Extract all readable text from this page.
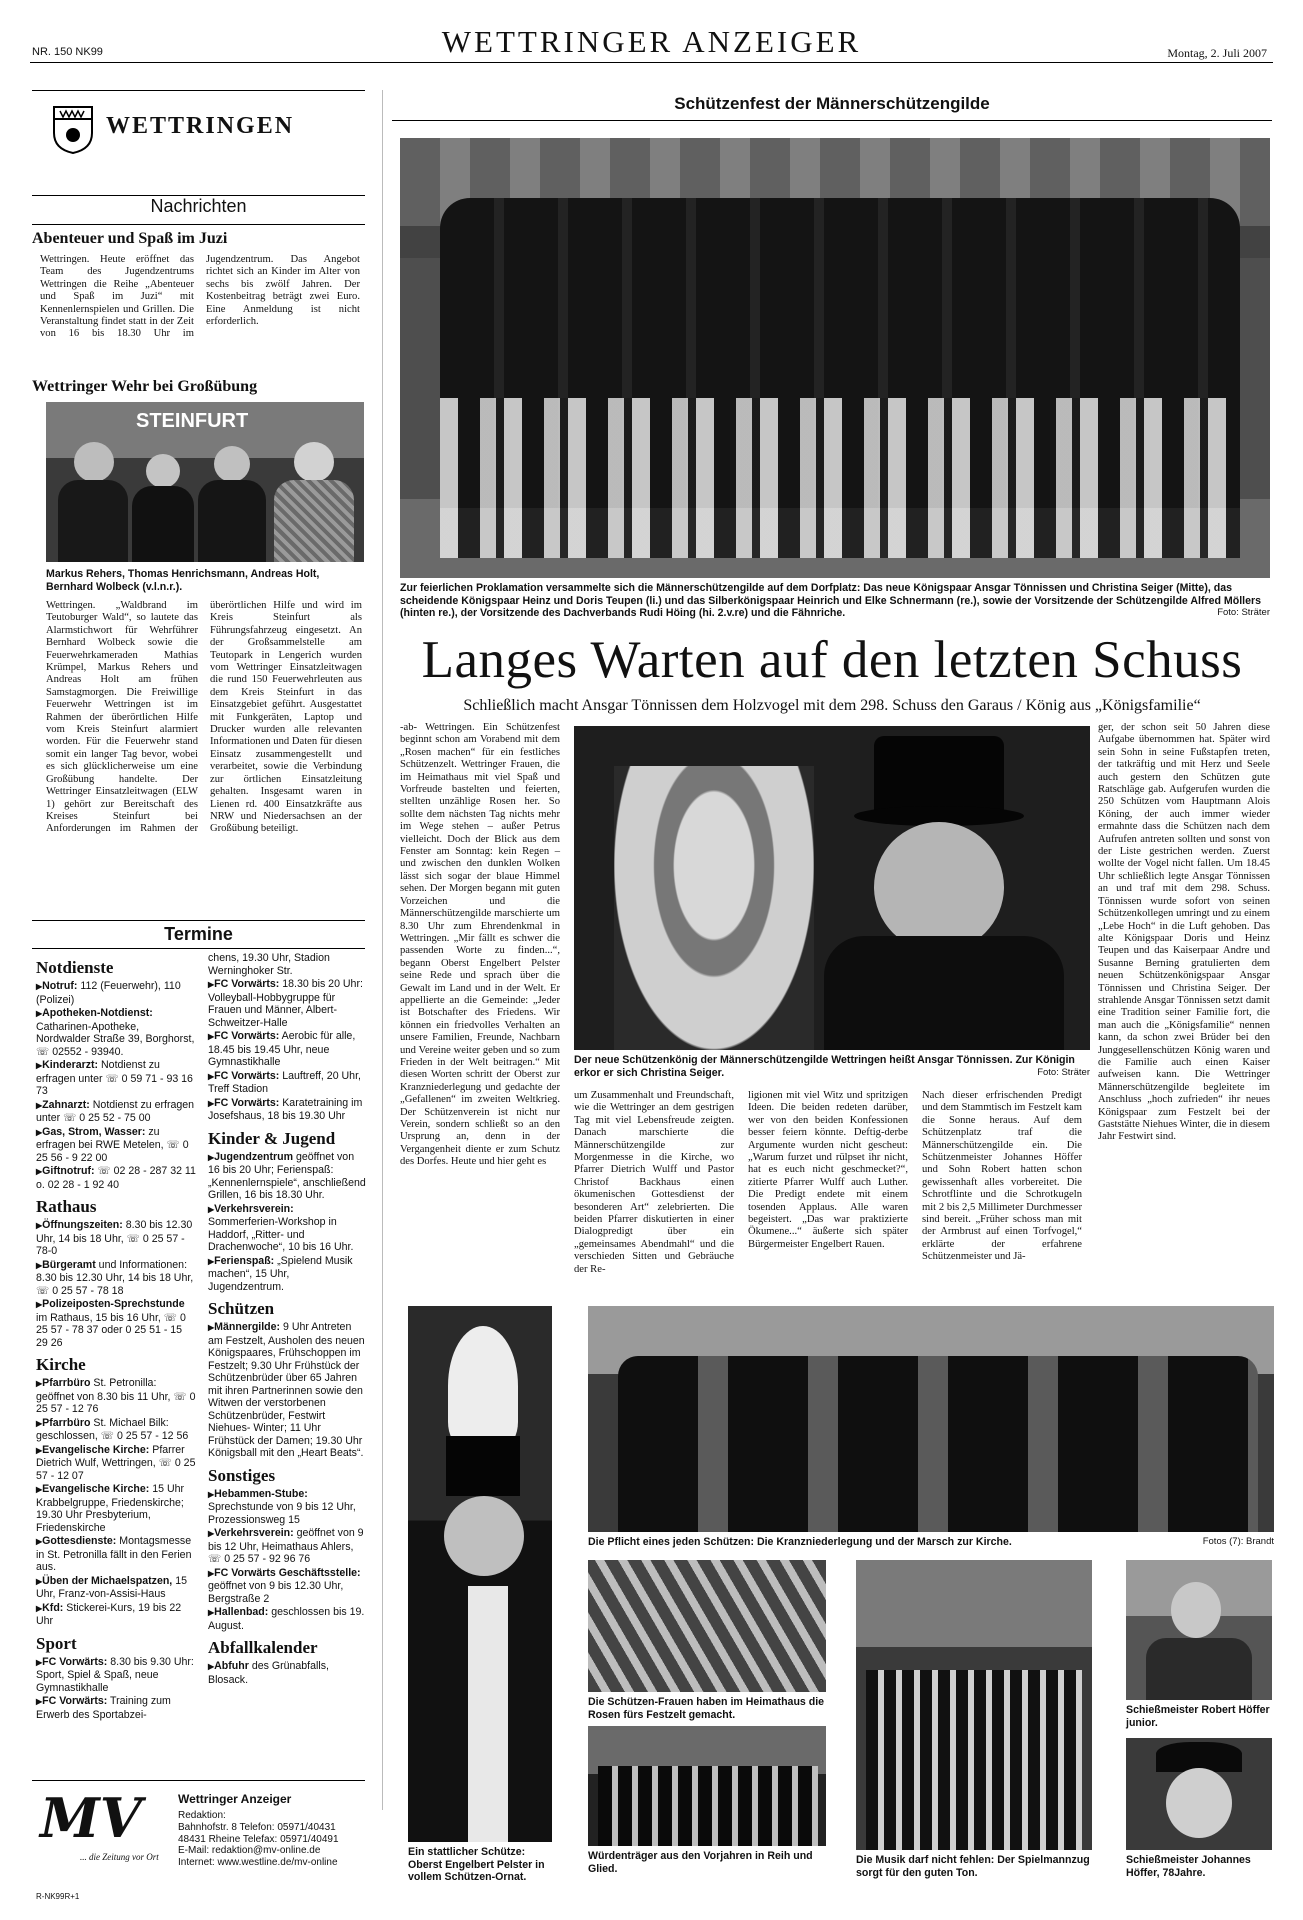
NR. 150 NK99	WETTRINGER ANZEIGER	Montag, 2. Juli 2007
WETTRINGEN
Nachrichten
Abenteuer und Spaß im Juzi
Wettringen. Heute eröffnet das Team des Jugendzentrums Wettringen die Reihe „Abenteuer und Spaß im Juzi“ mit Kennenlernspielen und Grillen. Die Veranstaltung findet statt in der Zeit von 16 bis 18.30 Uhr im Jugendzentrum. Das Angebot richtet sich an Kinder im Alter von sechs bis zwölf Jahren. Der Kostenbeitrag beträgt zwei Euro. Eine Anmeldung ist nicht erforderlich.
Wettringer Wehr bei Großübung
STEINFURT
Markus Rehers, Thomas Henrichsmann, Andreas Holt, Bernhard Wolbeck (v.l.n.r.).
Wettringen. „Waldbrand im Teutoburger Wald“, so lautete das Alarmstichwort für Wehrführer Bernhard Wolbeck sowie die Feuerwehrkameraden Mathias Krümpel, Markus Rehers und Andreas Holt am frühen Samstagmorgen. Die Freiwillige Feuerwehr Wettringen ist im Rahmen der überörtlichen Hilfe vom Kreis Steinfurt alarmiert worden. Für die Feuerwehr stand somit ein langer Tag bevor, wobei es sich glücklicherweise um eine Großübung handelte. Der Wettringer Einsatzleitwagen (ELW 1) gehört zur Bereitschaft des Kreises Steinfurt bei Anforderungen im Rahmen der überörtlichen Hilfe und wird im Kreis Steinfurt als Führungsfahrzeug eingesetzt. An der Großsammelstelle am Teutopark in Lengerich wurden vom Wettringer Einsatzleitwagen die rund 150 Feuerwehrleuten aus dem Kreis Steinfurt in das Einsatzgebiet geführt. Ausgestattet mit Funkgeräten, Laptop und Drucker wurden alle relevanten Informationen und Daten für diesen Einsatz zusammengestellt und verarbeitet, sowie die Verbindung zur örtlichen Einsatzleitung gehalten. Insgesamt waren in Lienen rd. 400 Einsatzkräfte aus NRW und Niedersachsen an der Großübung beteiligt.
Termine
Notdienste
▶ Notruf: 112 (Feuerwehr), 110 (Polizei)
▶ Apotheken-Notdienst: Catharinen-Apotheke, Nordwalder Straße 39, Borghorst, ☏ 02552 - 93940.
▶ Kinderarzt: Notdienst zu erfragen unter ☏ 0 59 71 - 93 16 73
▶ Zahnarzt: Notdienst zu erfragen unter ☏ 0 25 52 - 75 00
▶ Gas, Strom, Wasser: zu erfragen bei RWE Metelen, ☏ 0 25 56 - 9 22 00
▶ Giftnotruf: ☏ 02 28 - 287 32 11 o. 02 28 - 1 92 40
Rathaus
▶ Öffnungszeiten: 8.30 bis 12.30 Uhr, 14 bis 18 Uhr, ☏ 0 25 57 - 78-0
▶ Bürgeramt und Informationen: 8.30 bis 12.30 Uhr, 14 bis 18 Uhr, ☏ 0 25 57 - 78 18
▶ Polizeiposten-Sprechstunde im Rathaus, 15 bis 16 Uhr, ☏ 0 25 57 - 78 37 oder 0 25 51 - 15 29 26
Kirche
▶ Pfarrbüro St. Petronilla: geöffnet von 8.30 bis 11 Uhr, ☏ 0 25 57 - 12 76
▶ Pfarrbüro St. Michael Bilk: geschlossen, ☏ 0 25 57 - 12 56
▶ Evangelische Kirche: Pfarrer Dietrich Wulf, Wettringen, ☏ 0 25 57 - 12 07
▶ Evangelische Kirche: 15 Uhr Krabbelgruppe, Friedenskirche; 19.30 Uhr Presbyterium, Friedenskirche
▶ Gottesdienste: Montagsmesse in St. Petronilla fällt in den Ferien aus.
▶ Üben der Michaelspatzen, 15 Uhr, Franz-von-Assisi-Haus
▶ Kfd: Stickerei-Kurs, 19 bis 22 Uhr
Sport
▶ FC Vorwärts: 8.30 bis 9.30 Uhr: Sport, Spiel & Spaß, neue Gymnastikhalle
▶ FC Vorwärts: Training zum Erwerb des Sportabzei-
chens, 19.30 Uhr, Stadion Werninghoker Str.
▶ FC Vorwärts: 18.30 bis 20 Uhr: Volleyball-Hobbygruppe für Frauen und Männer, Albert-Schweitzer-Halle
▶ FC Vorwärts: Aerobic für alle, 18.45 bis 19.45 Uhr, neue Gymnastikhalle
▶ FC Vorwärts: Lauftreff, 20 Uhr, Treff Stadion
▶ FC Vorwärts: Karatetraining im Josefshaus, 18 bis 19.30 Uhr
Kinder & Jugend
▶ Jugendzentrum geöffnet von 16 bis 20 Uhr; Ferienspaß: „Kennenlernspiele“, anschließend Grillen, 16 bis 18.30 Uhr.
▶ Verkehrsverein: Sommerferien-Workshop in Haddorf, „Ritter- und Drachenwoche“, 10 bis 16 Uhr.
▶ Ferienspaß: „Spielend Musik machen“, 15 Uhr, Jugendzentrum.
Schützen
▶ Männergilde: 9 Uhr Antreten am Festzelt, Ausholen des neuen Königspaares, Frühschoppen im Festzelt; 9.30 Uhr Frühstück der Schützenbrüder über 65 Jahren mit ihren Partnerinnen sowie den Witwen der verstorbenen Schützenbrüder, Festwirt Niehues- Winter; 11 Uhr Frühstück der Damen; 19.30 Uhr Königsball mit den „Heart Beats“.
Sonstiges
▶ Hebammen-Stube: Sprechstunde von 9 bis 12 Uhr, Prozessionsweg 15
▶ Verkehrsverein: geöffnet von 9 bis 12 Uhr, Heimathaus Ahlers, ☏ 0 25 57 - 92 96 76
▶ FC Vorwärts Geschäftsstelle: geöffnet von 9 bis 12.30 Uhr, Bergstraße 2
▶ Hallenbad: geschlossen bis 19. August.
Abfallkalender
▶ Abfuhr des Grünabfalls, Blosack.
MV
... die Zeitung vor Ort
Wettringer Anzeiger
Redaktion:
Bahnhofstr. 8 Telefon: 05971/40431
48431 Rheine Telefax: 05971/40491
E-Mail: redaktion@mv-online.de
Internet: www.westline.de/mv-online
R-NK99R+1
Schützenfest der Männerschützengilde
Zur feierlichen Proklamation versammelte sich die Männerschützengilde auf dem Dorfplatz: Das neue Königspaar Ansgar Tönnissen und Christina Seiger (Mitte), das scheidende Königspaar Heinz und Doris Teupen (li.) und das Silberkönigspaar Heinrich und Elke Schnermann (re.), sowie der Vorsitzende der Schützengilde Alfred Möllers (hinten re.), der Vorsitzende des Dachverbands Rudi Höing (hi. 2.v.re) und die Fähnriche.	Foto: Sträter
Langes Warten auf den letzten Schuss
Schließlich macht Ansgar Tönnissen dem Holzvogel mit dem 298. Schuss den Garaus / König aus „Königsfamilie“
-ab- Wettringen. Ein Schützenfest beginnt schon am Vorabend mit dem „Rosen machen“ für ein festliches Schützenzelt. Wettringer Frauen, die im Heimathaus mit viel Spaß und Vorfreude bastelten und feierten, stellten unzählige Rosen her. So sollte dem nächsten Tag nichts mehr im Wege stehen – außer Petrus vielleicht. Doch der Blick aus dem Fenster am Sonntag: kein Regen – und zwischen den dunklen Wolken lässt sich sogar der blaue Himmel sehen. Der Morgen begann mit guten Vorzeichen und die Männerschützengilde marschierte um 8.30 Uhr zum Ehrendenkmal in Wettringen. „Mir fällt es schwer die passenden Worte zu finden...“, begann Oberst Engelbert Pelster seine Rede und sprach über die Gewalt im Land und in der Welt. Er appellierte an die Gemeinde: „Jeder ist Botschafter des Friedens. Wir können ein friedvolles Verhalten an unsere Familien, Freunde, Nachbarn und Vereine weiter geben und so zum Frieden in der Welt beitragen.“ Mit diesen Worten schritt der Oberst zur Kranzniederlegung und gedachte der „Gefallenen“ im zweiten Weltkrieg. Der Schützenverein ist nicht nur Verein, sondern schließt so an den Ursprung an, denn in der Vergangenheit diente er zum Schutz des Dorfes. Heute und hier geht es
Der neue Schützenkönig der Männerschützengilde Wettringen heißt Ansgar Tönnissen. Zur Königin erkor er sich Christina Seiger.	Foto: Sträter
um Zusammenhalt und Freundschaft, wie die Wettringer an dem gestrigen Tag mit viel Lebensfreude zeigten. Danach marschierte die Männerschützengilde zur Morgenmesse in die Kirche, wo Pfarrer Dietrich Wulff und Pastor Christof Backhaus einen ökumenischen Gottesdienst der besonderen Art“ zelebrierten. Die beiden Pfarrer diskutierten in einer Dialogpredigt über ein „gemeinsames Abendmahl“ und die verschieden Sitten und Gebräuche der Re-
ligionen mit viel Witz und spritzigen Ideen. Die beiden redeten darüber, wer von den beiden Konfessionen besser feiern könnte. Deftig-derbe Argumente wurden nicht gescheut: „Warum furzet und rülpset ihr nicht, hat es euch nicht geschmecket?“, zitierte Pfarrer Wulff auch Luther. Die Predigt endete mit einem tosenden Applaus. Alle waren begeistert. „Das war praktizierte Ökumene...“ äußerte sich später Bürgermeister Engelbert Rauen.
Nach dieser erfrischenden Predigt und dem Stammtisch im Festzelt kam die Sonne heraus. Auf dem Schützenplatz traf die Männerschützengilde ein. Die Schützenmeister Johannes Höffer und Sohn Robert hatten schon gewissenhaft alles vorbereitet. Die Schrotflinte und die Schrotkugeln mit 2 bis 2,5 Millimeter Durchmesser sind bereit. „Früher schoss man mit der Armbrust auf einen Torfvogel,“ erklärte der erfahrene Schützenmeister und Jä-
ger, der schon seit 50 Jahren diese Aufgabe übernommen hat. Später wird sein Sohn in seine Fußstapfen treten, der tatkräftig und mit Herz und Seele auch gestern den Schützen gute Ratschläge gab. Aufgerufen wurden die 250 Schützen vom Hauptmann Alois Köning, der auch immer wieder ermahnte dass die Schützen nach dem Aufrufen antreten sollten und sonst von der Liste gestrichen werden. Zuerst wollte der Vogel nicht fallen. Um 18.45 Uhr schließlich legte Ansgar Tönnissen an und traf mit dem 298. Schuss. Tönnissen wurde sofort von seinen Schützenkollegen umringt und zu einem „Lebe Hoch“ in die Luft gehoben. Das alte Königspaar Doris und Heinz Teupen und das Kaiserpaar Andre und Susanne Berning gratulierten dem neuen Schützenkönigspaar Ansgar Tönnissen und Christina Seiger. Der strahlende Ansgar Tönnissen setzt damit eine Tradition seiner Familie fort, die man auch die „Königsfamilie“ nennen kann, da schon zwei Brüder bei den Junggesellenschützen König waren und die Familie auch einen Kaiser aufweisen kann. Die Wettringer Männerschützengilde begleitete im Anschluss „hoch zufrieden“ ihr neues Königspaar zum Festzelt bei der Gaststätte Niehues Winter, die in diesem Jahr Festwirt sind.
Ein stattlicher Schütze: Oberst Engelbert Pelster in vollem Schützen-Ornat.
Die Pflicht eines jeden Schützen: Die Kranzniederlegung und der Marsch zur Kirche.	Fotos (7): Brandt
Die Schützen-Frauen haben im Heimathaus die Rosen fürs Festzelt gemacht.
Würdenträger aus den Vorjahren in Reih und Glied.
Die Musik darf nicht fehlen: Der Spielmannzug sorgt für den guten Ton.
Schießmeister Robert Höffer junior.
Schießmeister Johannes Höffer, 78Jahre.
